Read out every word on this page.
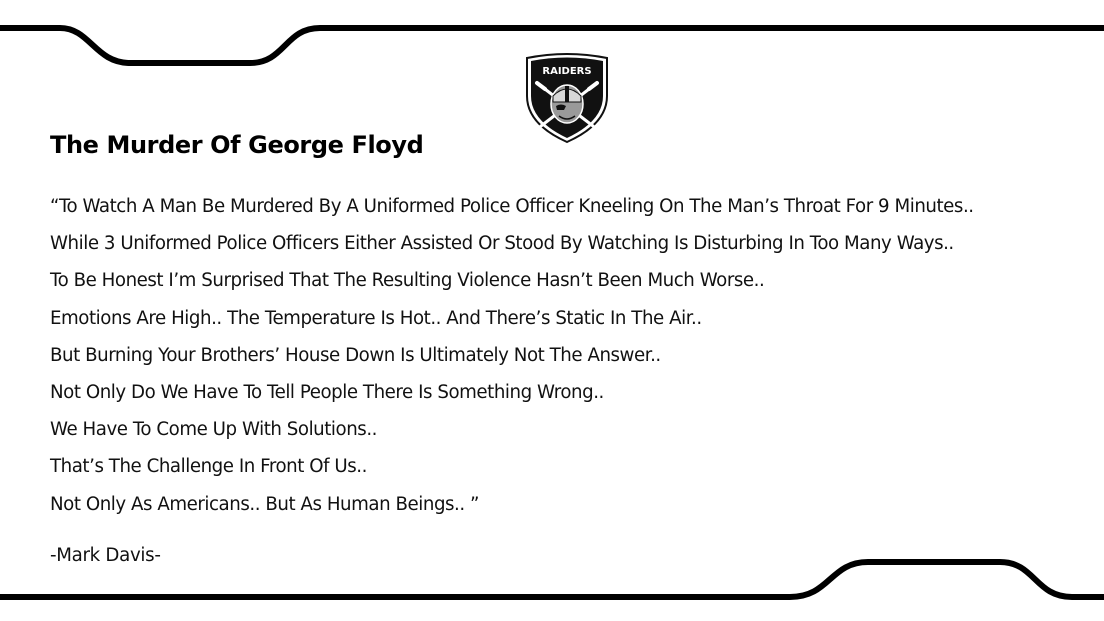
RAIDERS
The Murder Of George Floyd
“To Watch A Man Be Murdered By A Uniformed Police Officer Kneeling On The Man’s Throat For 9 Minutes..
While 3 Uniformed Police Officers Either Assisted Or Stood By Watching Is Disturbing In Too Many Ways..
To Be Honest I’m Surprised That The Resulting Violence Hasn’t Been Much Worse..
Emotions Are High.. The Temperature Is Hot.. And There’s Static In The Air..
But Burning Your Brothers’ House Down Is Ultimately Not The Answer..
Not Only Do We Have To Tell People There Is Something Wrong..
We Have To Come Up With Solutions..
That’s The Challenge In Front Of Us..
Not Only As Americans.. But As Human Beings.. ”
-Mark Davis-
